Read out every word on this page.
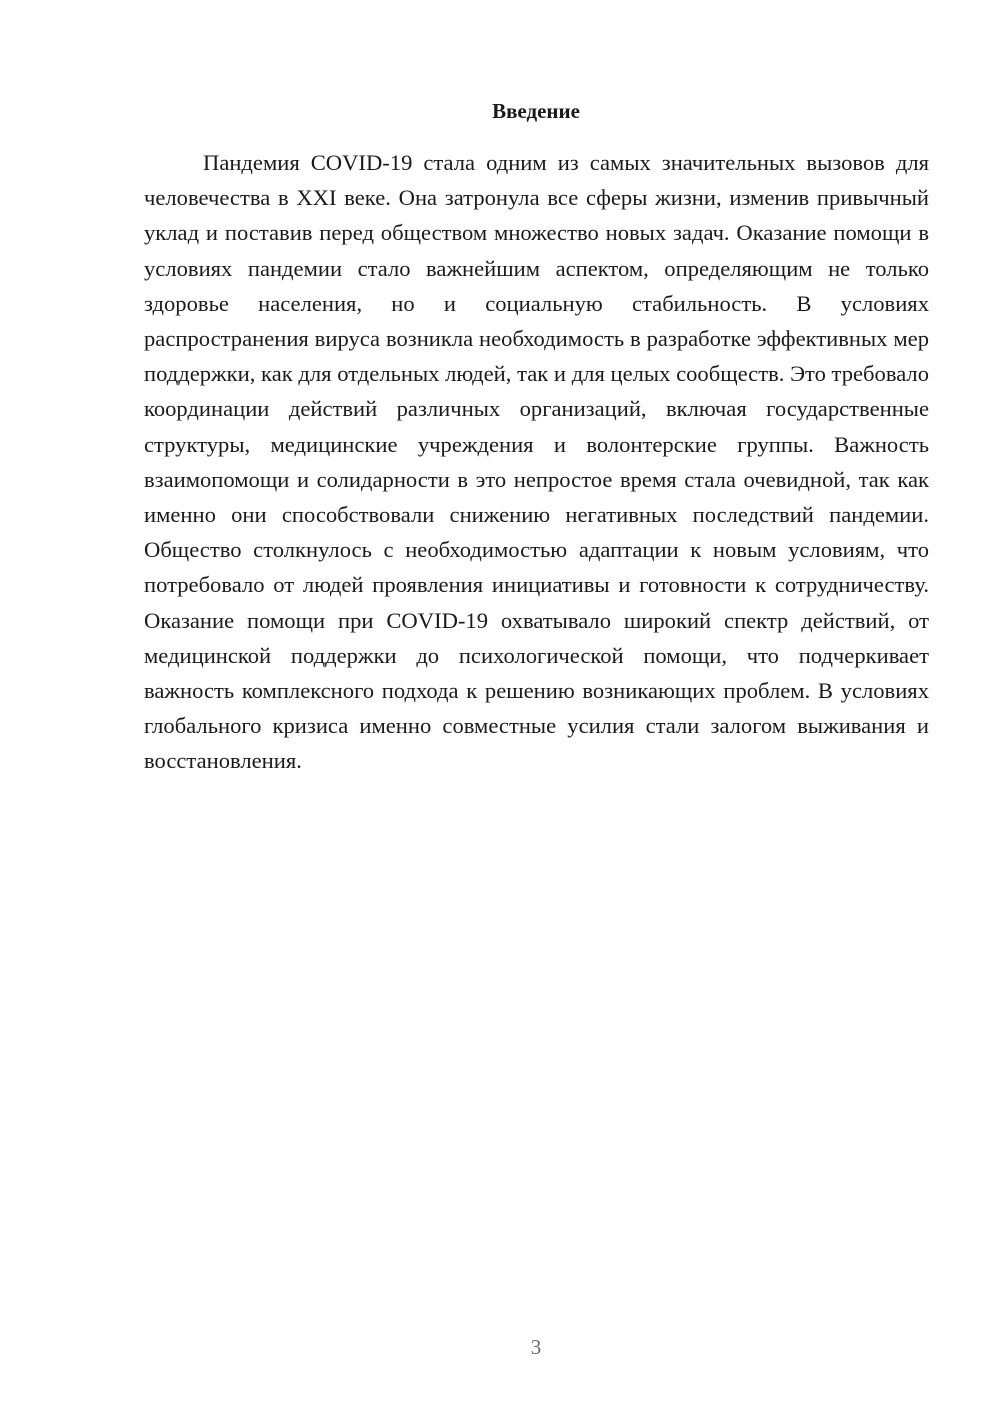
Введение

Пандемия COVID-19 стала одним из самых значительных вызовов для человечества в XXI веке. Она затронула все сферы жизни, изменив привычный уклад и поставив перед обществом множество новых задач. Оказание помощи в условиях пандемии стало важнейшим аспектом, определяющим не только здоровье населения, но и социальную стабильность. В условиях распространения вируса возникла необходимость в разработке эффективных мер поддержки, как для отдельных людей, так и для целых сообществ. Это требовало координации действий различных организаций, включая государственные структуры, медицинские учреждения и волонтерские группы. Важность взаимопомощи и солидарности в это непростое время стала очевидной, так как именно они способствовали снижению негативных последствий пандемии. Общество столкнулось с необходимостью адаптации к новым условиям, что потребовало от людей проявления инициативы и готовности к сотрудничеству. Оказание помощи при COVID-19 охватывало широкий спектр действий, от медицинской поддержки до психологической помощи, что подчеркивает важность комплексного подхода к решению возникающих проблем. В условиях глобального кризиса именно совместные усилия стали залогом выживания и восстановления.

3
